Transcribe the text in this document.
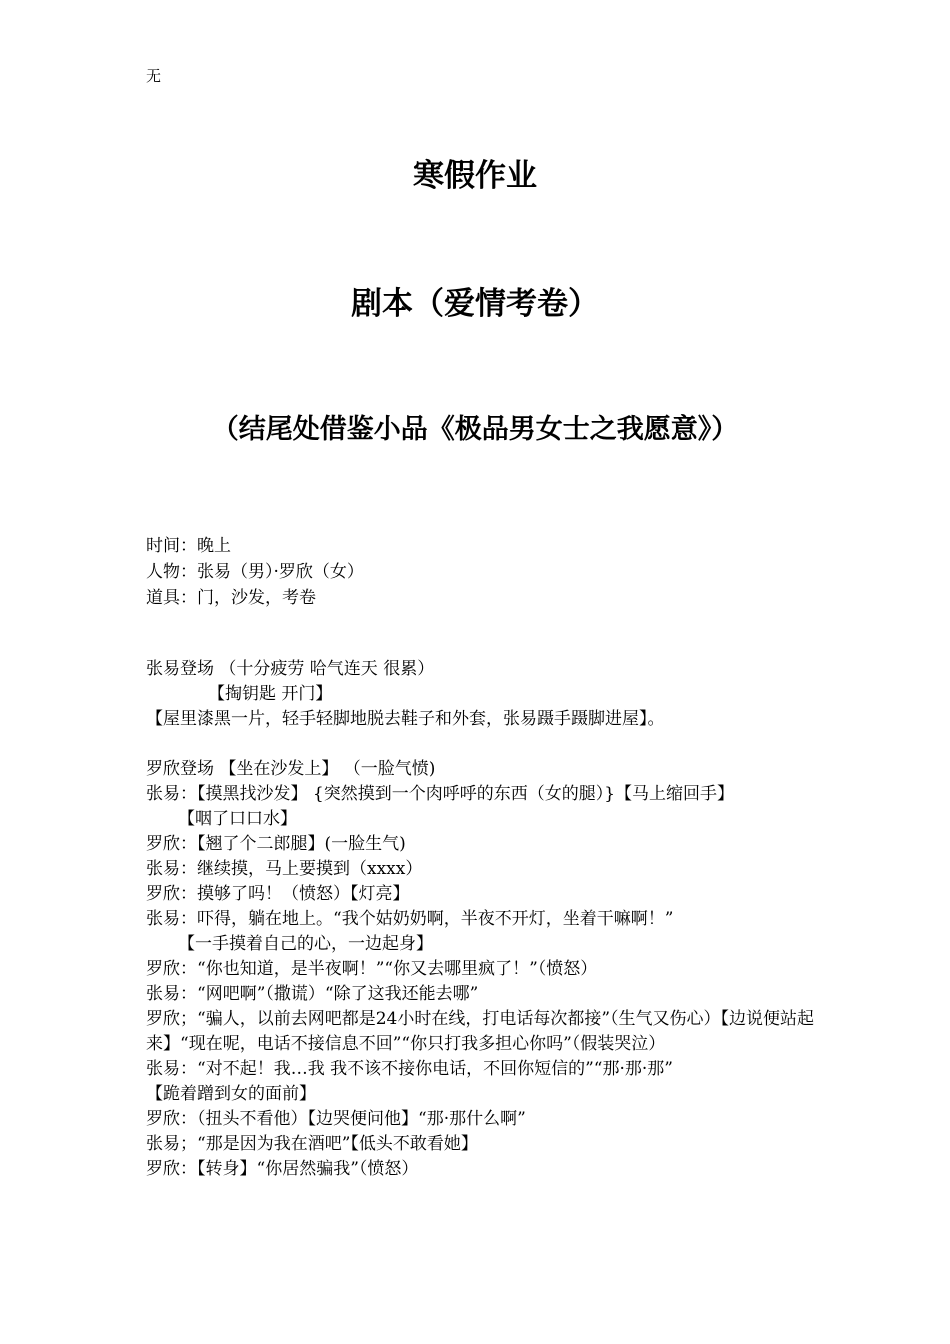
无
寒假作业
剧本（爱情考卷）
（结尾处借鉴小品《极品男女士之我愿意》）
时间：晚上
人物：张易（男）·罗欣（女）
道具：门，沙发，考卷
张易登场 （十分疲劳 哈气连天 很累）
【掏钥匙 开门】
【屋里漆黑一片，轻手轻脚地脱去鞋子和外套，张易蹑手蹑脚进屋】。
罗欣登场 【坐在沙发上】 （一脸气愤)
张易：【摸黑找沙发】 {突然摸到一个肉呼呼的东西（女的腿）}【马上缩回手】
【咽了口口水】
罗欣：【翘了个二郎腿】(一脸生气)
张易：继续摸，马上要摸到（xxxx）
罗欣：摸够了吗！（愤怒）【灯亮】
张易：吓得，躺在地上。“我个姑奶奶啊，半夜不开灯，坐着干嘛啊！”
【一手摸着自己的心，一边起身】
罗欣：“你也知道，是半夜啊！”“你又去哪里疯了！”（愤怒）
张易：“网吧啊”（撒谎）“除了这我还能去哪”
罗欣；“骗人，以前去网吧都是24小时在线，打电话每次都接”（生气又伤心）【边说便站起来】“现在呢，电话不接信息不回”“你只打我多担心你吗”（假装哭泣）
张易：“对不起！我…我 我不该不接你电话，不回你短信的”“那·那·那”
【跪着蹭到女的面前】
罗欣：（扭头不看他）【边哭便问他】“那·那什么啊”
张易；“那是因为我在酒吧”【低头不敢看她】
罗欣：【转身】“你居然骗我”（愤怒）
